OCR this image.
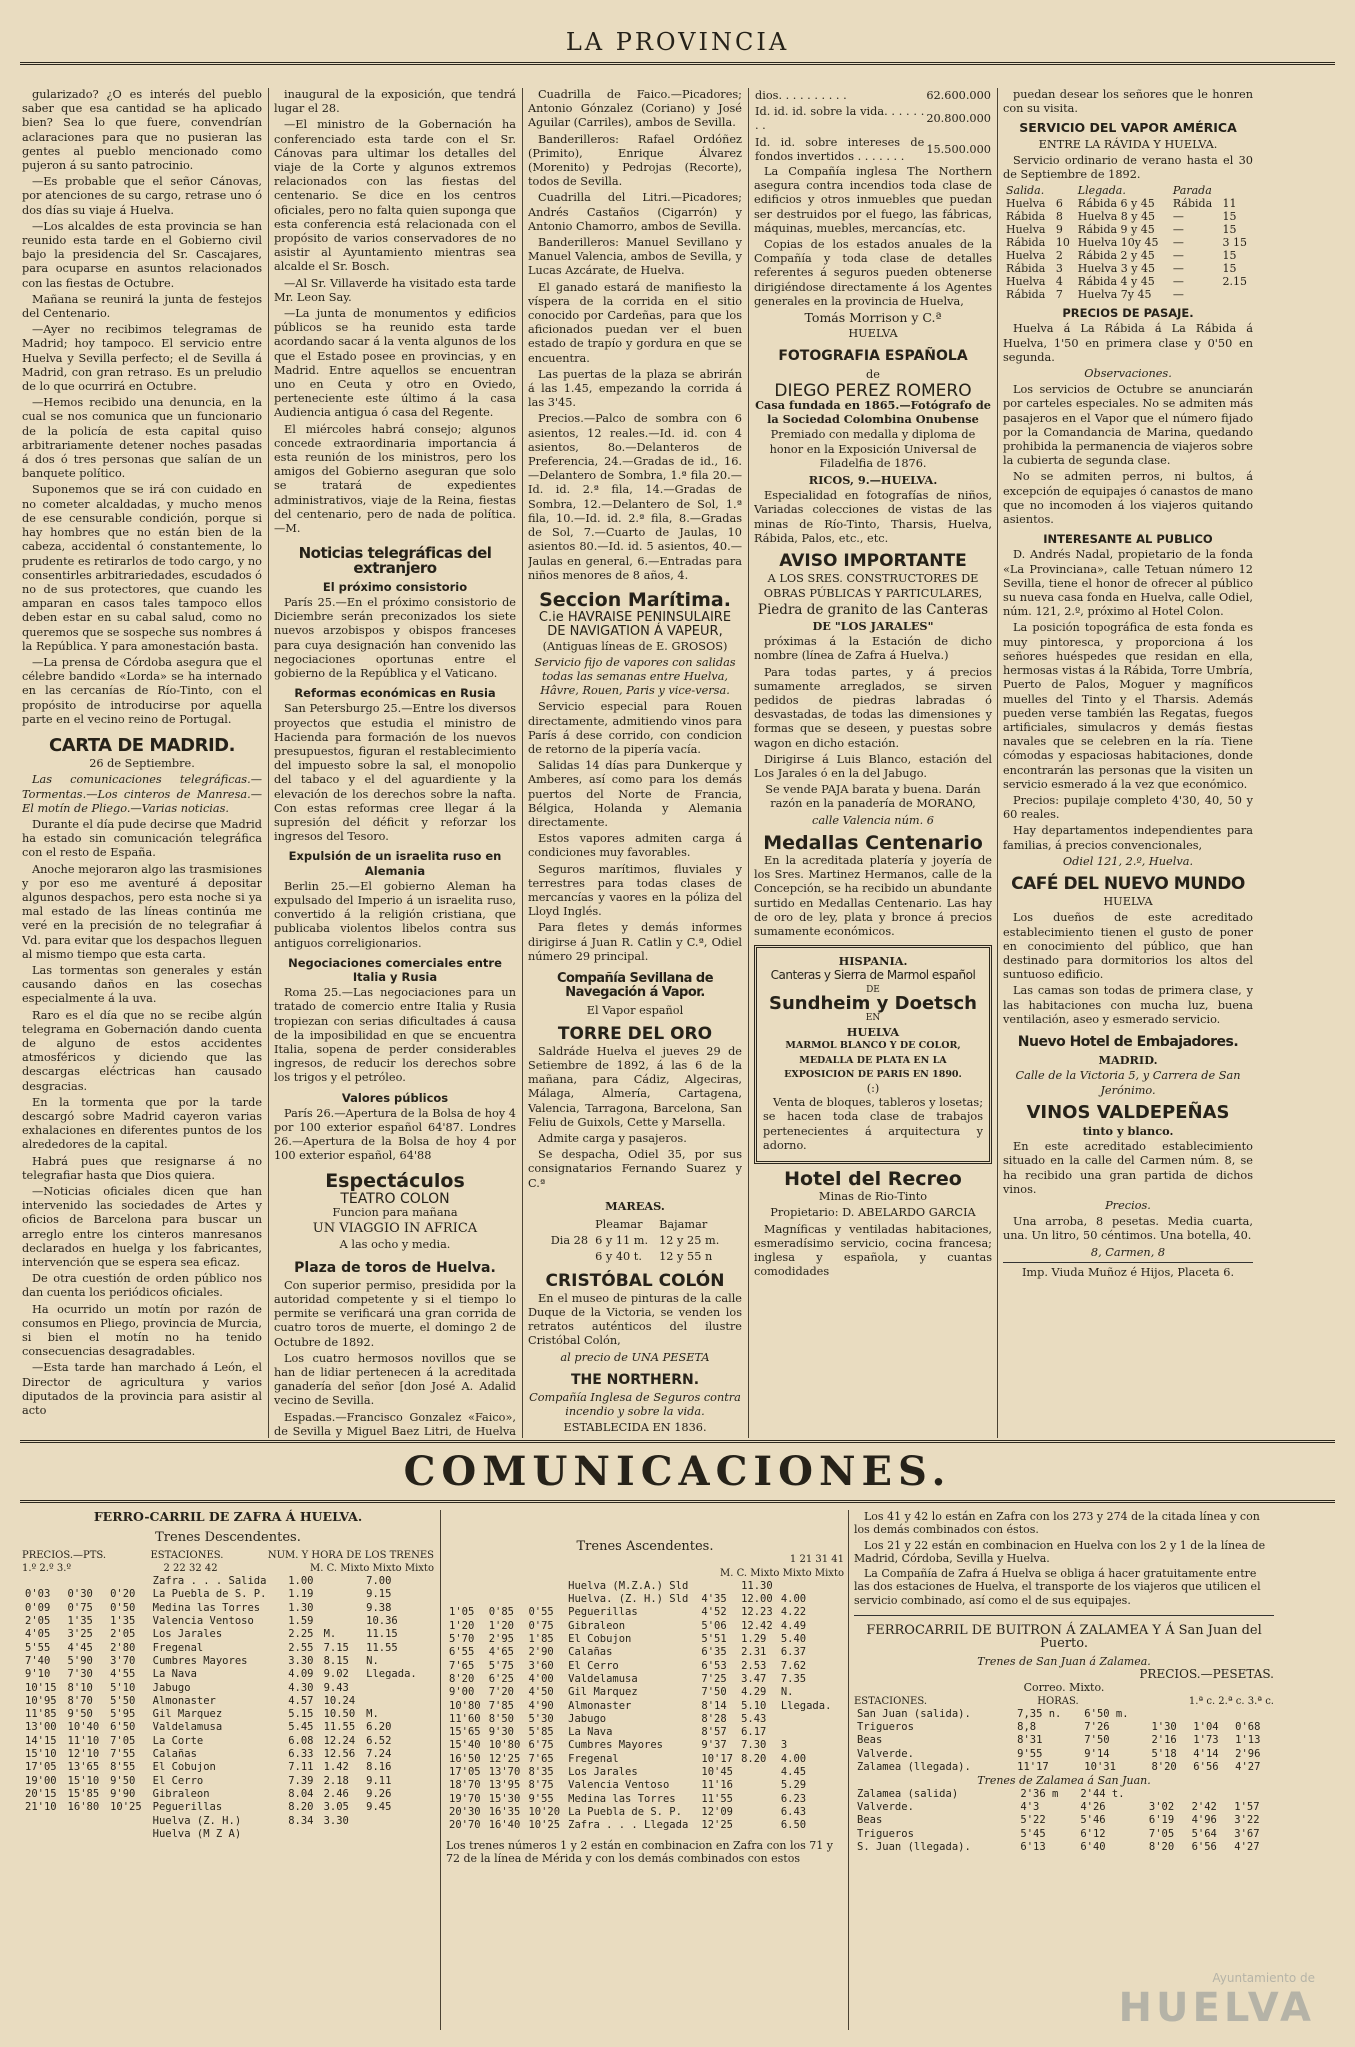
LA PROVINCIA

gularizado? ¿O es interés del pueblo saber que esa cantidad se ha aplicado bien? Sea lo que fuere, convendrían aclaraciones para que no pusieran las gentes al pueblo mencionado como pujeron á su santo patrocinio.

—Es probable que el señor Cánovas, por atenciones de su cargo, retrase uno ó dos días su viaje á Huelva.

—Los alcaldes de esta provincia se han reunido esta tarde en el Gobierno civil bajo la presidencia del Sr. Cascajares, para ocuparse en asuntos relacionados con las fiestas de Octubre.

Mañana se reunirá la junta de festejos del Centenario.

—Ayer no recibimos telegramas de Madrid; hoy tampoco. El servicio entre Huelva y Sevilla perfecto; el de Sevilla á Madrid, con gran retraso. Es un preludio de lo que ocurrirá en Octubre.

—Hemos recibido una denuncia, en la cual se nos comunica que un funcionario de la policía de esta capital quiso arbitrariamente detener noches pasadas á dos ó tres personas que salían de un banquete político.

Suponemos que se irá con cuidado en no cometer alcaldadas, y mucho menos de ese censurable condición, porque si hay hombres que no están bien de la cabeza, accidental ó constantemente, lo prudente es retirarlos de todo cargo, y no consentirles arbitrariedades, escudados ó no de sus protectores, que cuando les amparan en casos tales tampoco ellos deben estar en su cabal salud, como no queremos que se sospeche sus nombres á la República. Y para amonestación basta.

—La prensa de Córdoba asegura que el célebre bandido «Lorda» se ha internado en las cercanías de Río-Tinto, con el propósito de introducirse por aquella parte en el vecino reino de Portugal.

CARTA DE MADRID.

26 de Septiembre.

Las comunicaciones telegráficas.—Tormentas.—Los cinteros de Manresa.—El motín de Pliego.—Varias noticias.

Durante el día pude decirse que Madrid ha estado sin comunicación telegráfica con el resto de España.

Anoche mejoraron algo las trasmisiones y por eso me aventuré á depositar algunos despachos, pero esta noche si ya mal estado de las líneas continúa me veré en la precisión de no telegrafiar á Vd. para evitar que los despachos lleguen al mismo tiempo que esta carta.

Las tormentas son generales y están causando daños en las cosechas especialmente á la uva.

Raro es el día que no se recibe algún telegrama en Gobernación dando cuenta de alguno de estos accidentes atmosféricos y diciendo que las descargas eléctricas han causado desgracias.

En la tormenta que por la tarde descargó sobre Madrid cayeron varias exhalaciones en diferentes puntos de los alrededores de la capital.

Habrá pues que resignarse á no telegrafiar hasta que Dios quiera.

—Noticias oficiales dicen que han intervenido las sociedades de Artes y oficios de Barcelona para buscar un arreglo entre los cinteros manresanos declarados en huelga y los fabricantes, intervención que se espera sea eficaz.

De otra cuestión de orden público nos dan cuenta los periódicos oficiales.

Ha ocurrido un motín por razón de consumos en Pliego, provincia de Murcia, si bien el motín no ha tenido consecuencias desagradables.

—Esta tarde han marchado á León, el Director de agricultura y varios diputados de la provincia para asistir al acto

inaugural de la exposición, que tendrá lugar el 28.

—El ministro de la Gobernación ha conferenciado esta tarde con el Sr. Cánovas para ultimar los detalles del viaje de la Corte y algunos extremos relacionados con las fiestas del centenario. Se dice en los centros oficiales, pero no falta quien suponga que esta conferencia está relacionada con el propósito de varios conservadores de no asistir al Ayuntamiento mientras sea alcalde el Sr. Bosch.

—Al Sr. Villaverde ha visitado esta tarde Mr. Leon Say.

—La junta de monumentos y edificios públicos se ha reunido esta tarde acordando sacar á la venta algunos de los que el Estado posee en provincias, y en Madrid. Entre aquellos se encuentran uno en Ceuta y otro en Oviedo, perteneciente este último á la casa Audiencia antigua ó casa del Regente.

El miércoles habrá consejo; algunos concede extraordinaria importancia á esta reunión de los ministros, pero los amigos del Gobierno aseguran que solo se tratará de expedientes administrativos, viaje de la Reina, fiestas del centenario, pero de nada de política.—M.

Noticias telegráficas del extranjero
El próximo consistorio

París 25.—En el próximo consistorio de Diciembre serán preconizados los siete nuevos arzobispos y obispos franceses para cuya designación han convenido las negociaciones oportunas entre el gobierno de la República y el Vaticano.

Reformas económicas en Rusia

San Petersburgo 25.—Entre los diversos proyectos que estudia el ministro de Hacienda para formación de los nuevos presupuestos, figuran el restablecimiento del impuesto sobre la sal, el monopolio del tabaco y el del aguardiente y la elevación de los derechos sobre la nafta. Con estas reformas cree llegar á la supresión del déficit y reforzar los ingresos del Tesoro.

Expulsión de un israelita ruso en Alemania

Berlin 25.—El gobierno Aleman ha expulsado del Imperio á un israelita ruso, convertido á la religión cristiana, que publicaba violentos libelos contra sus antiguos correligionarios.

Negociaciones comerciales entre Italia y Rusia

Roma 25.—Las negociaciones para un tratado de comercio entre Italia y Rusia tropiezan con serias dificultades á causa de la imposibilidad en que se encuentra Italia, sopena de perder considerables ingresos, de reducir los derechos sobre los trigos y el petróleo.

Valores públicos

París 26.—Apertura de la Bolsa de hoy 4 por 100 exterior español 64'87. Londres 26.—Apertura de la Bolsa de hoy 4 por 100 exterior español, 64'88

Espectáculos
TEATRO COLON

Funcion para mañana

UN VIAGGIO IN AFRICA

A las ocho y media.

Plaza de toros de Huelva.

Con superior permiso, presidida por la autoridad competente y si el tiempo lo permite se verificará una gran corrida de cuatro toros de muerte, el domingo 2 de Octubre de 1892.

Los cuatro hermosos novillos que se han de lidiar pertenecen á la acreditada ganadería del señor [don José A. Adalid vecino de Sevilla.

Espadas.—Francisco Gonzalez «Faico», de Sevilla y Miguel Baez Litri, de Huelva

Cuadrilla de Faico.—Picadores; Antonio Gónzalez (Coriano) y José Aguilar (Carriles), ambos de Sevilla.

Banderilleros: Rafael Ordóñez (Primito), Enrique Álvarez (Morenito) y Pedrojas (Recorte), todos de Sevilla.

Cuadrilla del Litri.—Picadores; Andrés Castaños (Cigarrón) y Antonio Chamorro, ambos de Sevilla.

Banderilleros: Manuel Sevillano y Manuel Valencia, ambos de Sevilla, y Lucas Azcárate, de Huelva.

El ganado estará de manifiesto la víspera de la corrida en el sitio conocido por Cardeñas, para que los aficionados puedan ver el buen estado de trapío y gordura en que se encuentra.

Las puertas de la plaza se abrirán á las 1.45, empezando la corrida á las 3'45.

Precios.—Palco de sombra con 6 asientos, 12 reales.—Id. id. con 4 asientos, 8o.—Delanteros de Preferencia, 24.—Gradas de id., 16.—Delantero de Sombra, 1.ª fila 20.—Id. id. 2.ª fila, 14.—Gradas de Sombra, 12.—Delantero de Sol, 1.ª fila, 10.—Id. id. 2.ª fila, 8.—Gradas de Sol, 7.—Cuarto de Jaulas, 10 asientos 80.—Id. id. 5 asientos, 40.—Jaulas en general, 6.—Entradas para niños menores de 8 años, 4.

Seccion Marítima.
C.ie HAVRAISE PENINSULAIRE DE NAVIGATION Á VAPEUR,

(Antiguas líneas de E. GROSOS)

Servicio fijo de vapores con salidas todas las semanas entre Huelva, Hâvre, Rouen, Paris y vice-versa.

Servicio especial para Rouen directamente, admitiendo vinos para París á dese corrido, con condicion de retorno de la pipería vacía.

Salidas 14 días para Dunkerque y Amberes, así como para los demás puertos del Norte de Francia, Bélgica, Holanda y Alemania directamente.

Estos vapores admiten carga á condiciones muy favorables.

Seguros marítimos, fluviales y terrestres para todas clases de mercancías y vaores en la póliza del Lloyd Inglés.

Para fletes y demás informes dirigirse á Juan R. Catlin y C.ª, Odiel número 29 principal.

Compañía Sevillana de Navegación á Vapor.

El Vapor español

TORRE DEL ORO

Saldráde Huelva el jueves 29 de Setiembre de 1892, á las 6 de la mañana, para Cádiz, Algeciras, Málaga, Almería, Cartagena, Valencia, Tarragona, Barcelona, San Feliu de Guixols, Cette y Marsella.

Admite carga y pasajeros.

Se despacha, Odiel 35, por sus consignatarios Fernando Suarez y C.ª

MAREAS.
Dia 28	Pleamar	Bajamar
	6 y 11 m.	12 y 25 m.
	6 y 40 t.	12 y 55 n
CRISTÓBAL COLÓN

En el museo de pinturas de la calle Duque de la Victoria, se venden los retratos auténticos del ilustre Cristóbal Colón,

al precio de UNA PESETA

THE NORTHERN.

Compañía Inglesa de Seguros contra incendio y sobre la vida.

ESTABLECIDA EN 1836.

dios. . . . . . . . . .	62.600.000
Id. id. id. sobre la vida. . . . . . . .	20.800.000
Id. id. sobre intereses de fondos invertidos . . . . . . .	15.500.000

La Compañía inglesa The Northern asegura contra incendios toda clase de edificios y otros inmuebles que puedan ser destruidos por el fuego, las fábricas, máquinas, muebles, mercancías, etc.

Copias de los estados anuales de la Compañía y toda clase de detalles referentes á seguros pueden obtenerse dirigiéndose directamente á los Agentes generales en la provincia de Huelva,

Tomás Morrison y C.ª

HUELVA

FOTOGRAFIA ESPAÑOLA

de

DIEGO PEREZ ROMERO

Casa fundada en 1865.—Fotógrafo de la Sociedad Colombina Onubense

Premiado con medalla y diploma de honor en la Exposición Universal de Filadelfia de 1876.

RICOS, 9.—HUELVA.

Especialidad en fotografías de niños, Variadas colecciones de vistas de las minas de Río-Tinto, Tharsis, Huelva, Rábida, Palos, etc., etc.

AVISO IMPORTANTE

A LOS SRES. CONSTRUCTORES DE OBRAS PÚBLICAS Y PARTICULARES,

Piedra de granito de las Canteras

DE "LOS JARALES"

próximas á la Estación de dicho nombre (línea de Zafra á Huelva.)

Para todas partes, y á precios sumamente arreglados, se sirven pedidos de piedras labradas ó desvastadas, de todas las dimensiones y formas que se deseen, y puestas sobre wagon en dicho estación.

Dirigirse á Luis Blanco, estación del Los Jarales ó en la del Jabugo.

Se vende PAJA barata y buena. Darán razón en la panadería de MORANO,

calle Valencia núm. 6

Medallas Centenario

En la acreditada platería y joyería de los Sres. Martinez Hermanos, calle de la Concepción, se ha recibido un abundante surtido en Medallas Centenario. Las hay de oro de ley, plata y bronce á precios sumamente económicos.

HISPANIA.
Canteras y Sierra de Marmol español
DE
Sundheim y Doetsch
EN
HUELVA
MARMOL BLANCO Y DE COLOR, MEDALLA DE PLATA EN LA EXPOSICION DE PARIS EN 1890.
(:)

Venta de bloques, tableros y losetas; se hacen toda clase de trabajos pertenecientes á arquitectura y adorno.

Hotel del Recreo

Minas de Rio-Tinto

Propietario: D. ABELARDO GARCIA

Magníficas y ventiladas habitaciones, esmeradísimo servicio, cocina francesa; inglesa y española, y cuantas comodidades

puedan desear los señores que le honren con su visita.

SERVICIO DEL VAPOR AMÉRICA

ENTRE LA RÁVIDA Y HUELVA.

Servicio ordinario de verano hasta el 30 de Septiembre de 1892.

Salida.		Llegada.	Parada	
Huelva	6	Rábida 6 y 45	Rábida	11
Rábida	8	Huelva 8 y 45	—	15
Huelva	9	Rábida 9 y 45	—	15
Rábida	10	Huelva 10y 45	—	3 15
Huelva	2	Rábida 2 y 45	—	15
Rábida	3	Huelva 3 y 45	—	15
Huelva	4	Rábida 4 y 45	—	2.15
Rábida	7	Huelva 7y 45	—	
PRECIOS DE PASAJE.

Huelva á La Rábida á La Rábida á Huelva, 1'50 en primera clase y 0'50 en segunda.

Observaciones.

Los servicios de Octubre se anunciarán por carteles especiales. No se admiten más pasajeros en el Vapor que el número fijado por la Comandancia de Marina, quedando prohibida la permanencia de viajeros sobre la cubierta de segunda clase.

No se admiten perros, ni bultos, á excepción de equipajes ó canastos de mano que no incomoden á los viajeros quitando asientos.

INTERESANTE AL PUBLICO

D. Andrés Nadal, propietario de la fonda «La Provinciana», calle Tetuan número 12 Sevilla, tiene el honor de ofrecer al público su nueva casa fonda en Huelva, calle Odiel, núm. 121, 2.º, próximo al Hotel Colon.

La posición topográfica de esta fonda es muy pintoresca, y proporciona á los señores huéspedes que residan en ella, hermosas vistas á la Rábida, Torre Umbría, Puerto de Palos, Moguer y magníficos muelles del Tinto y el Tharsis. Además pueden verse también las Regatas, fuegos artificiales, simulacros y demás fiestas navales que se celebren en la ría. Tiene cómodas y espaciosas habitaciones, donde encontrarán las personas que la visiten un servicio esmerado á la vez que económico.

Precios: pupilaje completo 4'30, 40, 50 y 60 reales.

Hay departamentos independientes para familias, á precios convencionales,

Odiel 121, 2.º, Huelva.

CAFÉ DEL NUEVO MUNDO

HUELVA

Los dueños de este acreditado establecimiento tienen el gusto de poner en conocimiento del público, que han destinado para dormitorios los altos del suntuoso edificio.

Las camas son todas de primera clase, y las habitaciones con mucha luz, buena ventilación, aseo y esmerado servicio.

Nuevo Hotel de Embajadores.

MADRID.

Calle de la Victoria 5, y Carrera de San Jerónimo.

VINOS VALDEPEÑAS

tinto y blanco.

En este acreditado establecimiento situado en la calle del Carmen núm. 8, se ha recibido una gran partida de dichos vinos.

Precios.

Una arroba, 8 pesetas. Media cuarta, una. Un litro, 50 céntimos. Una botella, 40.

8, Carmen, 8

Imp. Viuda Muñoz é Hijos, Placeta 6.

COMUNICACIONES.
FERRO-CARRIL DE ZAFRA Á HUELVA.
Trenes Descendentes.
PRECIOS.—PTS.	ESTACIONES.	NUM. Y HORA DE LOS TRENES
1.º 2.º 3.º	2 22 32 42	M. C. Mixto Mixto Mixto
			Zafra . . . Salida	1.00		7.00	
0'03	0'30	0'20	La Puebla de S. P.	1.19		9.15	
0'09	0'75	0'50	Medina las Torres	1.30		9.38	
2'05	1'35	1'35	Valencia Ventoso	1.59		10.36	
4'05	3'25	2'05	Los Jarales	2.25	M.	11.15	
5'55	4'45	2'80	Fregenal	2.55	7.15	11.55	
7'40	5'90	3'70	Cumbres Mayores	3.30	8.15	N.	
9'10	7'30	4'55	La Nava	4.09	9.02	Llegada.	
10'15	8'10	5'10	Jabugo	4.30	9.43		
10'95	8'70	5'50	Almonaster	4.57	10.24		
11'85	9'50	5'95	Gil Marquez	5.15	10.50	M.	
13'00	10'40	6'50	Valdelamusa	5.45	11.55	6.20	
14'15	11'10	7'05	La Corte	6.08	12.24	6.52	
15'10	12'10	7'55	Calañas	6.33	12.56	7.24	
17'05	13'65	8'55	El Cobujon	7.11	1.42	8.16	
19'00	15'10	9'50	El Cerro	7.39	2.18	9.11	
20'15	15'85	9'90	Gibraleon	8.04	2.46	9.26	
21'10	16'80	10'25	Peguerillas	8.20	3.05	9.45	
			Huelva (Z. H.)	8.34	3.30		
			Huelva (M Z A)				
Trenes Ascendentes.
1 21 31 41
M. C. Mixto Mixto Mixto
			Huelva (M.Z.A.) Sld		11.30		
			Huelva. (Z. H.) Sld	4'35	12.00	4.00	
1'05	0'85	0'55	Peguerillas	4'52	12.23	4.22	
1'20	1'20	0'75	Gibraleon	5'06	12.42	4.49	
5'70	2'95	1'85	El Cobujon	5'51	1.29	5.40	
6'55	4'65	2'90	Calañas	6'35	2.31	6.37	
7'65	5'75	3'60	El Cerro	6'53	2.53	7.62	
8'20	6'25	4'00	Valdelamusa	7'25	3.47	7.35	
9'00	7'20	4'50	Gil Marquez	7'50	4.29	N.	
10'80	7'85	4'90	Almonaster	8'14	5.10	Llegada.	
11'60	8'50	5'30	Jabugo	8'28	5.43		
15'65	9'30	5'85	La Nava	8'57	6.17		
15'40	10'80	6'75	Cumbres Mayores	9'37	7.30	3	
16'50	12'25	7'65	Fregenal	10'17	8.20	4.00	
17'05	13'70	8'35	Los Jarales	10'45		4.45	
18'70	13'95	8'75	Valencia Ventoso	11'16		5.29	
19'70	15'30	9'55	Medina las Torres	11'55		6.23	
20'30	16'35	10'20	La Puebla de S. P.	12'09		6.43	
20'70	16'40	10'25	Zafra . . . Llegada	12'25		6.50	

Los trenes números 1 y 2 están en combinacion en Zafra con los 71 y 72 de la línea de Mérida y con los demás combinados con estos

Los 41 y 42 lo están en Zafra con los 273 y 274 de la citada línea y con los demás combinados con éstos.

Los 21 y 22 están en combinacion en Huelva con los 2 y 1 de la línea de Madrid, Córdoba, Sevilla y Huelva.

La Compañía de Zafra á Huelva se obliga á hacer gratuitamente entre las dos estaciones de Huelva, el transporte de los viajeros que utilicen el servicio combinado, así como el de sus equipajes.

FERROCARRIL DE BUITRON Á ZALAMEA Y Á San Juan del Puerto.
Trenes de San Juan á Zalamea.
PRECIOS.—PESETAS.
Correo. Mixto.
ESTACIONES.	HORAS.	1.ª c. 2.ª c. 3.ª c.
San Juan (salida).	7,35 n.	6'50 m.			
Trigueros	8,8	7'26	1'30	1'04	0'68
Beas	8'31	7'50	2'16	1'73	1'13
Valverde.	9'55	9'14	5'18	4'14	2'96
Zalamea (llegada).	11'17	10'31	8'20	6'56	4'27
Trenes de Zalamea á San Juan.
Zalamea (salida)	2'36 m	2'44 t.			
Valverde.	4'3	4'26	3'02	2'42	1'57
Beas	5'22	5'46	6'19	4'96	3'22
Trigueros	5'45	6'12	7'05	5'64	3'67
S. Juan (llegada).	6'13	6'40	8'20	6'56	4'27
Ayuntamiento de
HUELVA
